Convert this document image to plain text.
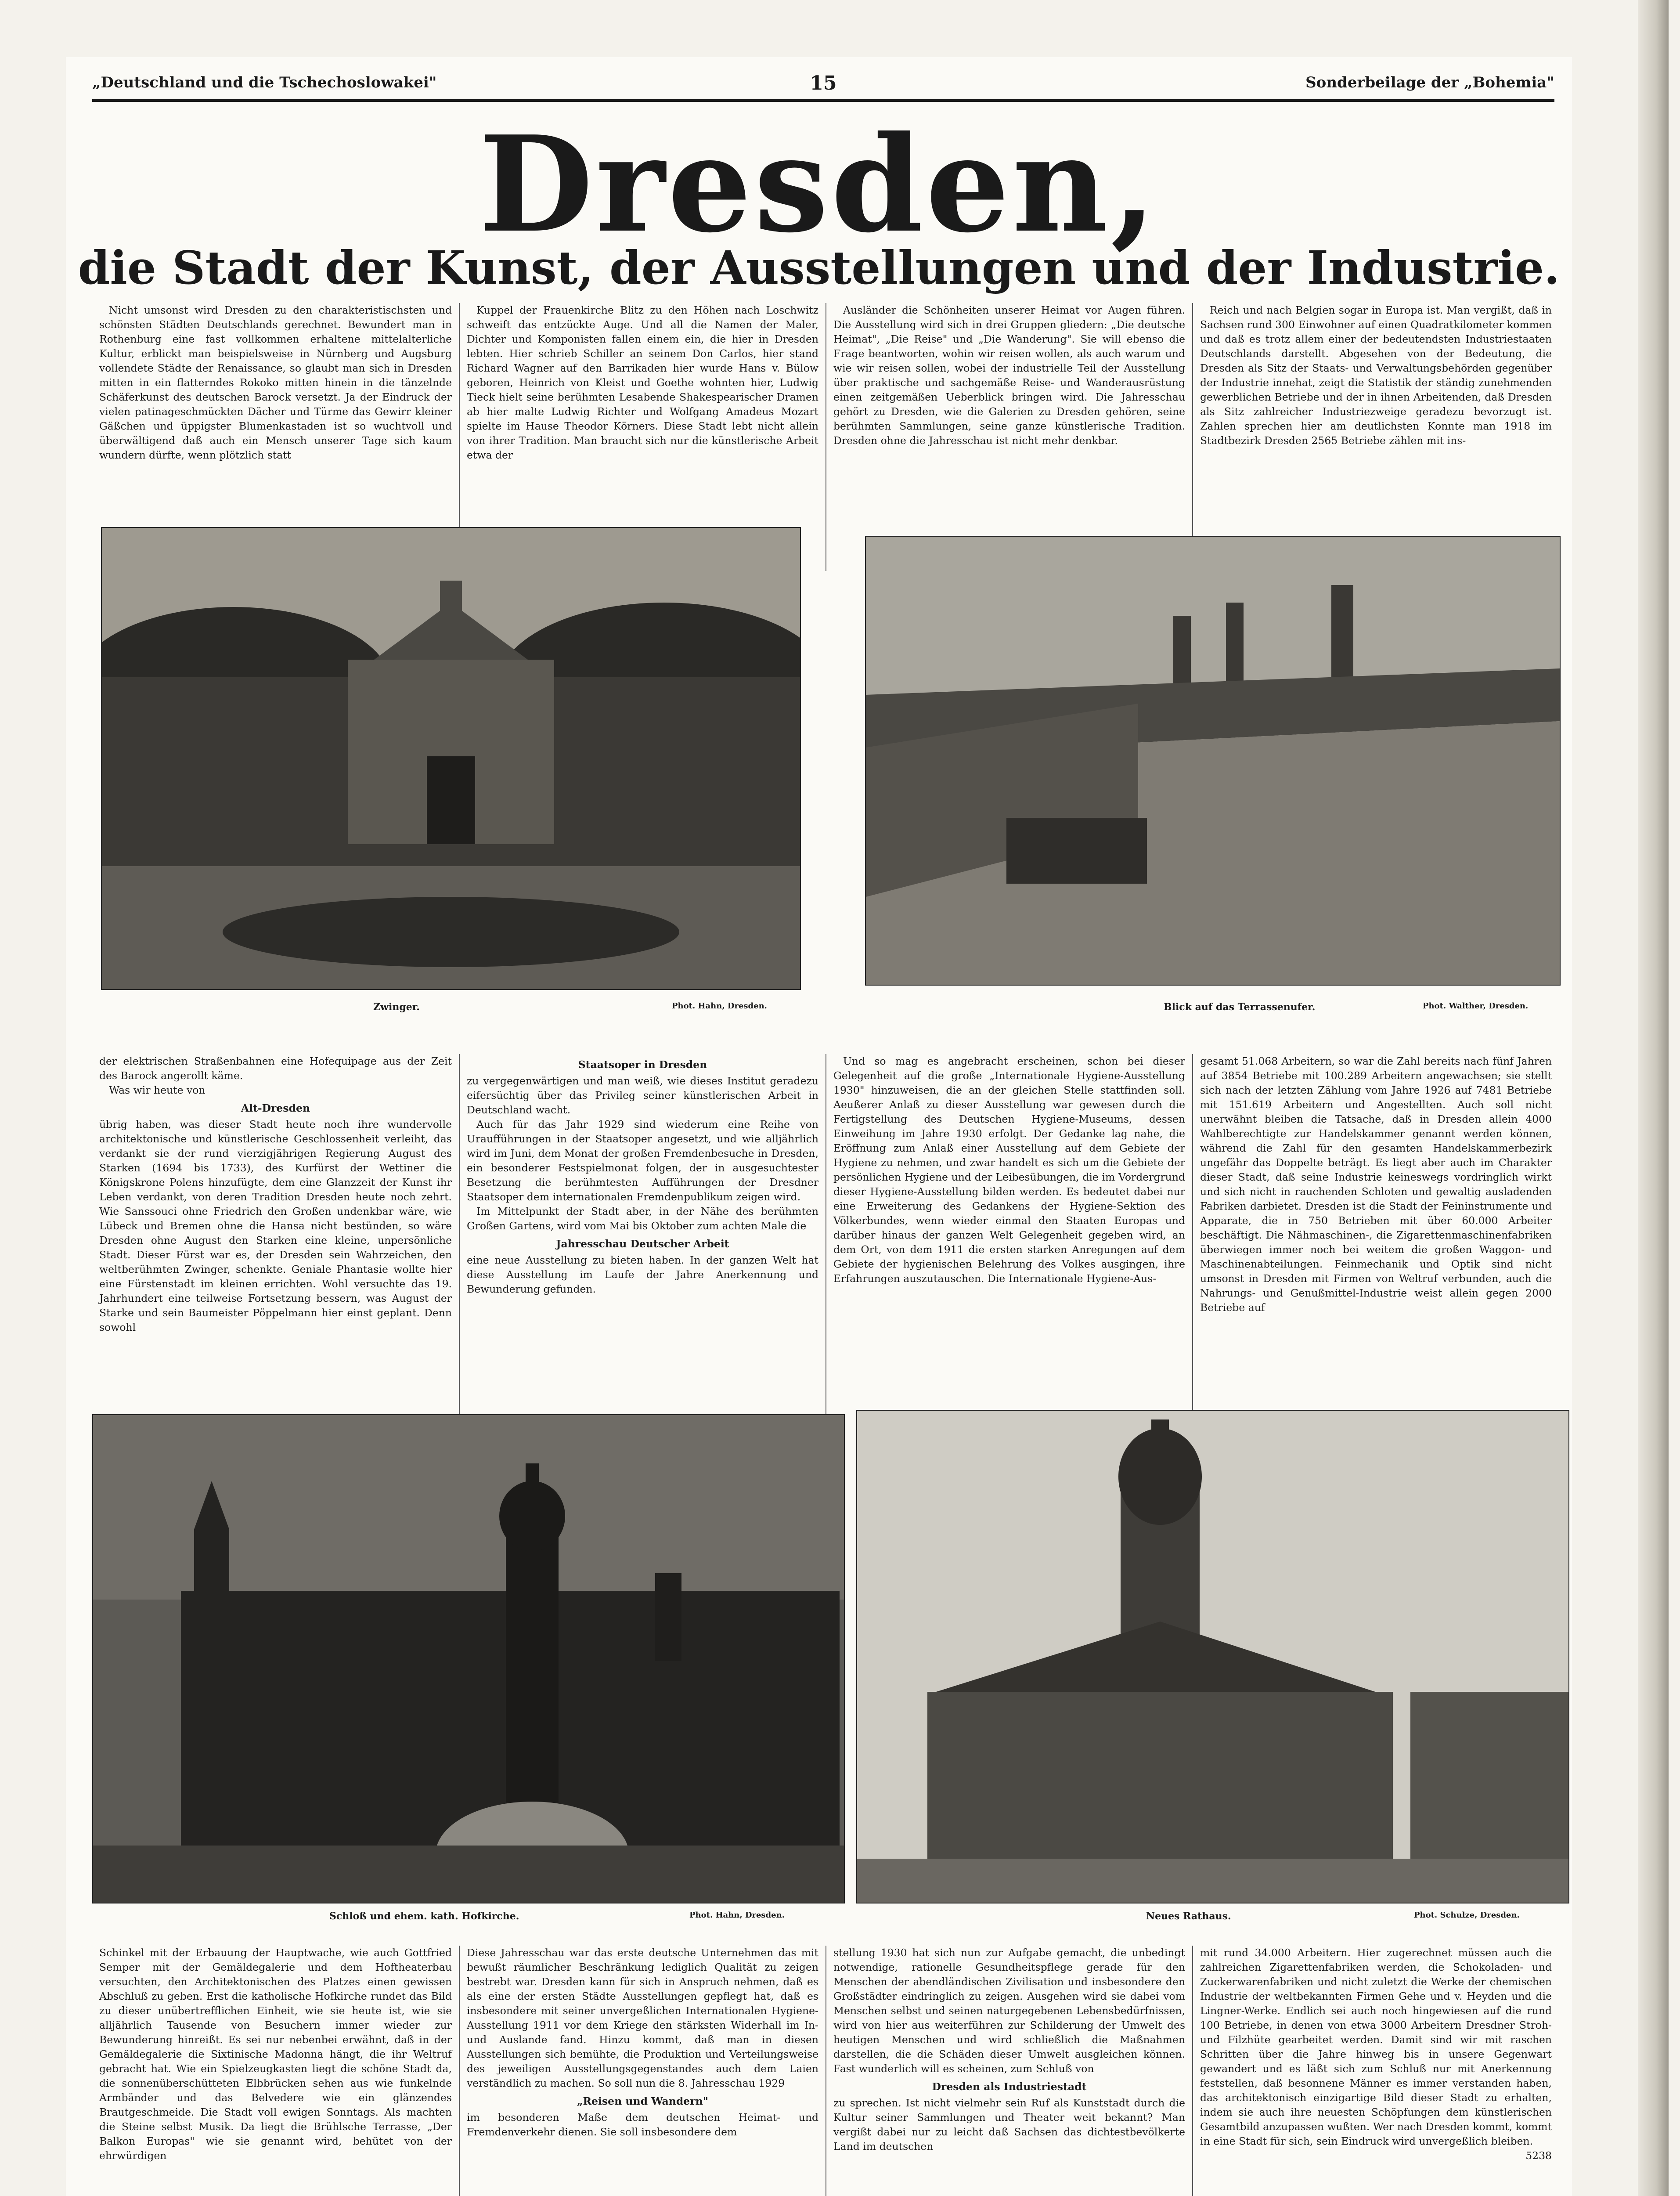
„Deutschland und die Tschechoslowakei"	15	Sonderbeilage der „Bohemia"
Dresden,
die Stadt der Kunst, der Ausstellungen und der Industrie.

Nicht umsonst wird Dresden zu den charakteristischsten und schönsten Städten Deutschlands gerechnet. Bewundert man in Rothenburg eine fast vollkommen erhaltene mittelalterliche Kultur, erblickt man beispielsweise in Nürnberg und Augsburg vollendete Städte der Renaissance, so glaubt man sich in Dresden mitten in ein flatterndes Rokoko mitten hinein in die tänzelnde Schäferkunst des deutschen Barock versetzt. Ja der Eindruck der vielen patinageschmückten Dächer und Türme das Gewirr kleiner Gäßchen und üppigster Blumenkastaden ist so wuchtvoll und überwältigend daß auch ein Mensch unserer Tage sich kaum wundern dürfte, wenn plötzlich statt

Kuppel der Frauenkirche Blitz zu den Höhen nach Loschwitz schweift das entzückte Auge. Und all die Namen der Maler, Dichter und Komponisten fallen einem ein, die hier in Dresden lebten. Hier schrieb Schiller an seinem Don Carlos, hier stand Richard Wagner auf den Barrikaden hier wurde Hans v. Bülow geboren, Heinrich von Kleist und Goethe wohnten hier, Ludwig Tieck hielt seine berühmten Lesabende Shakespearischer Dramen ab hier malte Ludwig Richter und Wolfgang Amadeus Mozart spielte im Hause Theodor Körners. Diese Stadt lebt nicht allein von ihrer Tradition. Man braucht sich nur die künstlerische Arbeit etwa der

Ausländer die Schönheiten unserer Heimat vor Augen führen. Die Ausstellung wird sich in drei Gruppen gliedern: „Die deutsche Heimat", „Die Reise" und „Die Wanderung". Sie will ebenso die Frage beantworten, wohin wir reisen wollen, als auch warum und wie wir reisen sollen, wobei der industrielle Teil der Ausstellung über praktische und sachgemäße Reise- und Wanderausrüstung einen zeitgemäßen Ueberblick bringen wird. Die Jahresschau gehört zu Dresden, wie die Galerien zu Dresden gehören, seine berühmten Sammlungen, seine ganze künstlerische Tradition. Dresden ohne die Jahresschau ist nicht mehr denkbar.

Reich und nach Belgien sogar in Europa ist. Man vergißt, daß in Sachsen rund 300 Einwohner auf einen Quadratkilometer kommen und daß es trotz allem einer der bedeutendsten Industriestaaten Deutschlands darstellt. Abgesehen von der Bedeutung, die Dresden als Sitz der Staats- und Verwaltungsbehörden gegenüber der Industrie innehat, zeigt die Statistik der ständig zunehmenden gewerblichen Betriebe und der in ihnen Arbeitenden, daß Dresden als Sitz zahlreicher Industriezweige geradezu bevorzugt ist. Zahlen sprechen hier am deutlichsten Konnte man 1918 im Stadtbezirk Dresden 2565 Betriebe zählen mit ins-

Zwinger.	Phot. Hahn, Dresden.	Blick auf das Terrassenufer.	Phot. Walther, Dresden.

der elektrischen Straßenbahnen eine Hofequipage aus der Zeit des Barock angerollt käme.

Was wir heute von

Alt-Dresden

übrig haben, was dieser Stadt heute noch ihre wundervolle architektonische und künstlerische Geschlossenheit verleiht, das verdankt sie der rund vierzigjährigen Regierung August des Starken (1694 bis 1733), des Kurfürst der Wettiner die Königskrone Polens hinzufügte, dem eine Glanzzeit der Kunst ihr Leben verdankt, von deren Tradition Dresden heute noch zehrt. Wie Sanssouci ohne Friedrich den Großen undenkbar wäre, wie Lübeck und Bremen ohne die Hansa nicht bestünden, so wäre Dresden ohne August den Starken eine kleine, unpersönliche Stadt. Dieser Fürst war es, der Dresden sein Wahrzeichen, den weltberühmten Zwinger, schenkte. Geniale Phantasie wollte hier eine Fürstenstadt im kleinen errichten. Wohl versuchte das 19. Jahrhundert eine teilweise Fortsetzung bessern, was August der Starke und sein Baumeister Pöppelmann hier einst geplant. Denn sowohl

Staatsoper in Dresden

zu vergegenwärtigen und man weiß, wie dieses Institut geradezu eifersüchtig über das Privileg seiner künstlerischen Arbeit in Deutschland wacht.

Auch für das Jahr 1929 sind wiederum eine Reihe von Uraufführungen in der Staatsoper angesetzt, und wie alljährlich wird im Juni, dem Monat der großen Fremdenbesuche in Dresden, ein besonderer Festspielmonat folgen, der in ausgesuchtester Besetzung die berühmtesten Aufführungen der Dresdner Staatsoper dem internationalen Fremdenpublikum zeigen wird.

Im Mittelpunkt der Stadt aber, in der Nähe des berühmten Großen Gartens, wird vom Mai bis Oktober zum achten Male die

Jahresschau Deutscher Arbeit

eine neue Ausstellung zu bieten haben. In der ganzen Welt hat diese Ausstellung im Laufe der Jahre Anerkennung und Bewunderung gefunden.

Und so mag es angebracht erscheinen, schon bei dieser Gelegenheit auf die große „Internationale Hygiene-Ausstellung 1930" hinzuweisen, die an der gleichen Stelle stattfinden soll. Aeußerer Anlaß zu dieser Ausstellung war gewesen durch die Fertigstellung des Deutschen Hygiene-Museums, dessen Einweihung im Jahre 1930 erfolgt. Der Gedanke lag nahe, die Eröffnung zum Anlaß einer Ausstellung auf dem Gebiete der Hygiene zu nehmen, und zwar handelt es sich um die Gebiete der persönlichen Hygiene und der Leibesübungen, die im Vordergrund dieser Hygiene-Ausstellung bilden werden. Es bedeutet dabei nur eine Erweiterung des Gedankens der Hygiene-Sektion des Völkerbundes, wenn wieder einmal den Staaten Europas und darüber hinaus der ganzen Welt Gelegenheit gegeben wird, an dem Ort, von dem 1911 die ersten starken Anregungen auf dem Gebiete der hygienischen Belehrung des Volkes ausgingen, ihre Erfahrungen auszutauschen. Die Internationale Hygiene-Aus-

gesamt 51.068 Arbeitern, so war die Zahl bereits nach fünf Jahren auf 3854 Betriebe mit 100.289 Arbeitern angewachsen; sie stellt sich nach der letzten Zählung vom Jahre 1926 auf 7481 Betriebe mit 151.619 Arbeitern und Angestellten. Auch soll nicht unerwähnt bleiben die Tatsache, daß in Dresden allein 4000 Wahlberechtigte zur Handelskammer genannt werden können, während die Zahl für den gesamten Handelskammerbezirk ungefähr das Doppelte beträgt. Es liegt aber auch im Charakter dieser Stadt, daß seine Industrie keineswegs vordringlich wirkt und sich nicht in rauchenden Schloten und gewaltig ausladenden Fabriken darbietet. Dresden ist die Stadt der Feininstrumente und Apparate, die in 750 Betrieben mit über 60.000 Arbeiter beschäftigt. Die Nähmaschinen-, die Zigarettenmaschinenfabriken überwiegen immer noch bei weitem die großen Waggon- und Maschinenabteilungen. Feinmechanik und Optik sind nicht umsonst in Dresden mit Firmen von Weltruf verbunden, auch die Nahrungs- und Genußmittel-Industrie weist allein gegen 2000 Betriebe auf

Schloß und ehem. kath. Hofkirche.	Phot. Hahn, Dresden.	Neues Rathaus.	Phot. Schulze, Dresden.

Schinkel mit der Erbauung der Hauptwache, wie auch Gottfried Semper mit der Gemäldegalerie und dem Hoftheaterbau versuchten, den Architektonischen des Platzes einen gewissen Abschluß zu geben. Erst die katholische Hofkirche rundet das Bild zu dieser unübertrefflichen Einheit, wie sie heute ist, wie sie alljährlich Tausende von Besuchern immer wieder zur Bewunderung hinreißt. Es sei nur nebenbei erwähnt, daß in der Gemäldegalerie die Sixtinische Madonna hängt, die ihr Weltruf gebracht hat. Wie ein Spielzeugkasten liegt die schöne Stadt da, die sonnenüberschütteten Elbbrücken sehen aus wie funkelnde Armbänder und das Belvedere wie ein glänzendes Brautgeschmeide. Die Stadt voll ewigen Sonntags. Als machten die Steine selbst Musik. Da liegt die Brühlsche Terrasse, „Der Balkon Europas" wie sie genannt wird, behütet von der ehrwürdigen

Diese Jahresschau war das erste deutsche Unternehmen das mit bewußt räumlicher Beschränkung lediglich Qualität zu zeigen bestrebt war. Dresden kann für sich in Anspruch nehmen, daß es als eine der ersten Städte Ausstellungen gepflegt hat, daß es insbesondere mit seiner unvergeßlichen Internationalen Hygiene-Ausstellung 1911 vor dem Kriege den stärksten Widerhall im In- und Auslande fand. Hinzu kommt, daß man in diesen Ausstellungen sich bemühte, die Produktion und Verteilungsweise des jeweiligen Ausstellungsgegenstandes auch dem Laien verständlich zu machen. So soll nun die 8. Jahresschau 1929

„Reisen und Wandern"

im besonderen Maße dem deutschen Heimat- und Fremdenverkehr dienen. Sie soll insbesondere dem

stellung 1930 hat sich nun zur Aufgabe gemacht, die unbedingt notwendige, rationelle Gesundheitspflege gerade für den Menschen der abendländischen Zivilisation und insbesondere den Großstädter eindringlich zu zeigen. Ausgehen wird sie dabei vom Menschen selbst und seinen naturgegebenen Lebensbedürfnissen, wird von hier aus weiterführen zur Schilderung der Umwelt des heutigen Menschen und wird schließlich die Maßnahmen darstellen, die die Schäden dieser Umwelt ausgleichen können. Fast wunderlich will es scheinen, zum Schluß von

Dresden als Industriestadt

zu sprechen. Ist nicht vielmehr sein Ruf als Kunststadt durch die Kultur seiner Sammlungen und Theater weit bekannt? Man vergißt dabei nur zu leicht daß Sachsen das dichtestbevölkerte Land im deutschen

mit rund 34.000 Arbeitern. Hier zugerechnet müssen auch die zahlreichen Zigarettenfabriken werden, die Schokoladen- und Zuckerwarenfabriken und nicht zuletzt die Werke der chemischen Industrie der weltbekannten Firmen Gehe und v. Heyden und die Lingner-Werke. Endlich sei auch noch hingewiesen auf die rund 100 Betriebe, in denen von etwa 3000 Arbeitern Dresdner Stroh- und Filzhüte gearbeitet werden. Damit sind wir mit raschen Schritten über die Jahre hinweg bis in unsere Gegenwart gewandert und es läßt sich zum Schluß nur mit Anerkennung feststellen, daß besonnene Männer es immer verstanden haben, das architektonisch einzigartige Bild dieser Stadt zu erhalten, indem sie auch ihre neuesten Schöpfungen dem künstlerischen Gesamtbild anzupassen wußten. Wer nach Dresden kommt, kommt in eine Stadt für sich, sein Eindruck wird unvergeßlich bleiben.

5238
